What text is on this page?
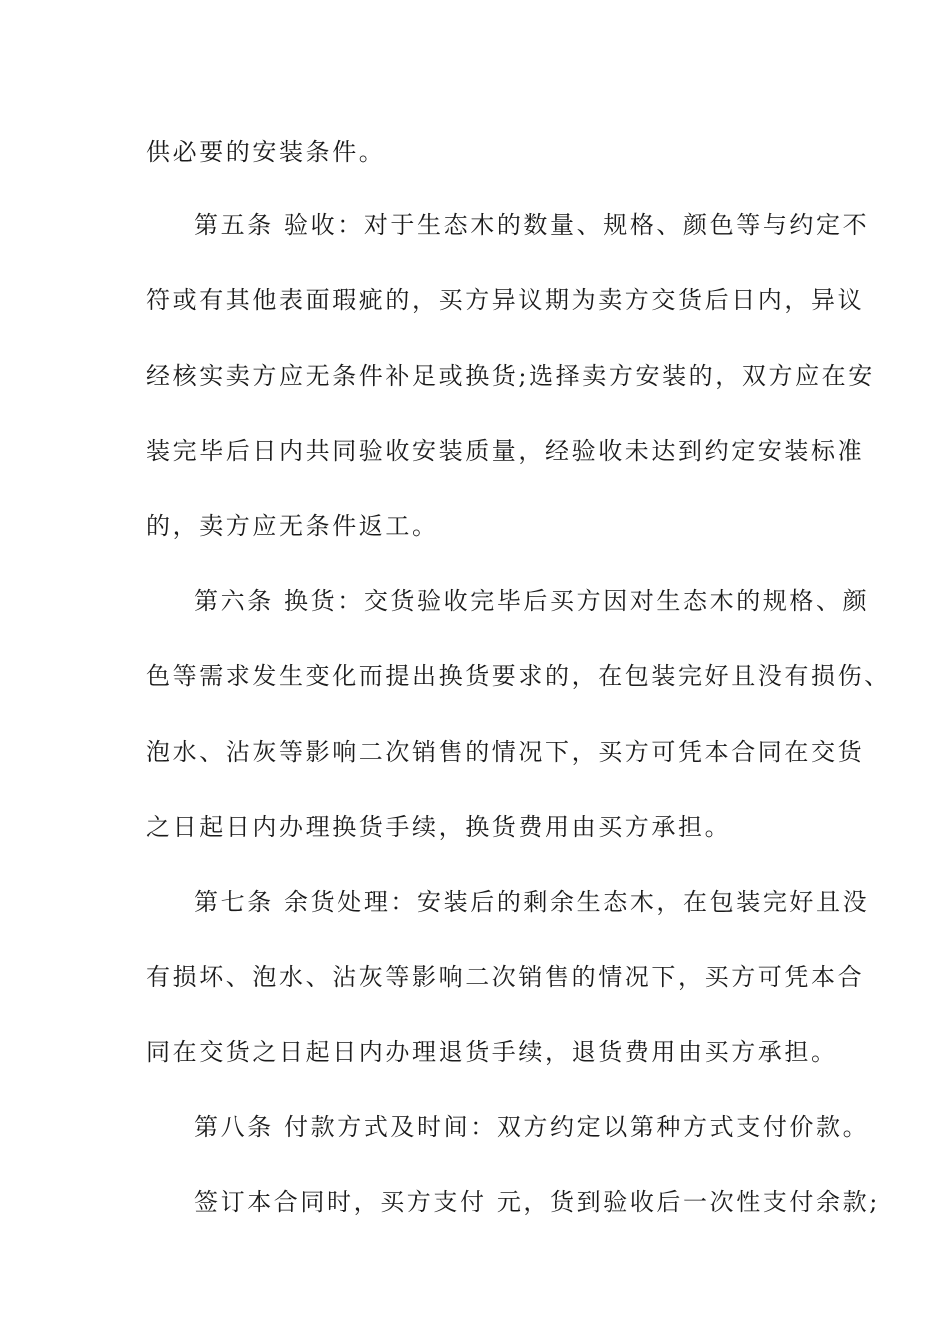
供必要的安装条件。
第五条 验收：对于生态木的数量、规格、颜色等与约定不
符或有其他表面瑕疵的，买方异议期为卖方交货后日内，异议
经核实卖方应无条件补足或换货;选择卖方安装的，双方应在安
装完毕后日内共同验收安装质量，经验收未达到约定安装标准
的，卖方应无条件返工。
第六条 换货：交货验收完毕后买方因对生态木的规格、颜
色等需求发生变化而提出换货要求的，在包装完好且没有损伤、
泡水、沾灰等影响二次销售的情况下，买方可凭本合同在交货
之日起日内办理换货手续，换货费用由买方承担。
第七条 余货处理：安装后的剩余生态木，在包装完好且没
有损坏、泡水、沾灰等影响二次销售的情况下，买方可凭本合
同在交货之日起日内办理退货手续，退货费用由买方承担。
第八条 付款方式及时间：双方约定以第种方式支付价款。
签订本合同时，买方支付 元，货到验收后一次性支付余款;
